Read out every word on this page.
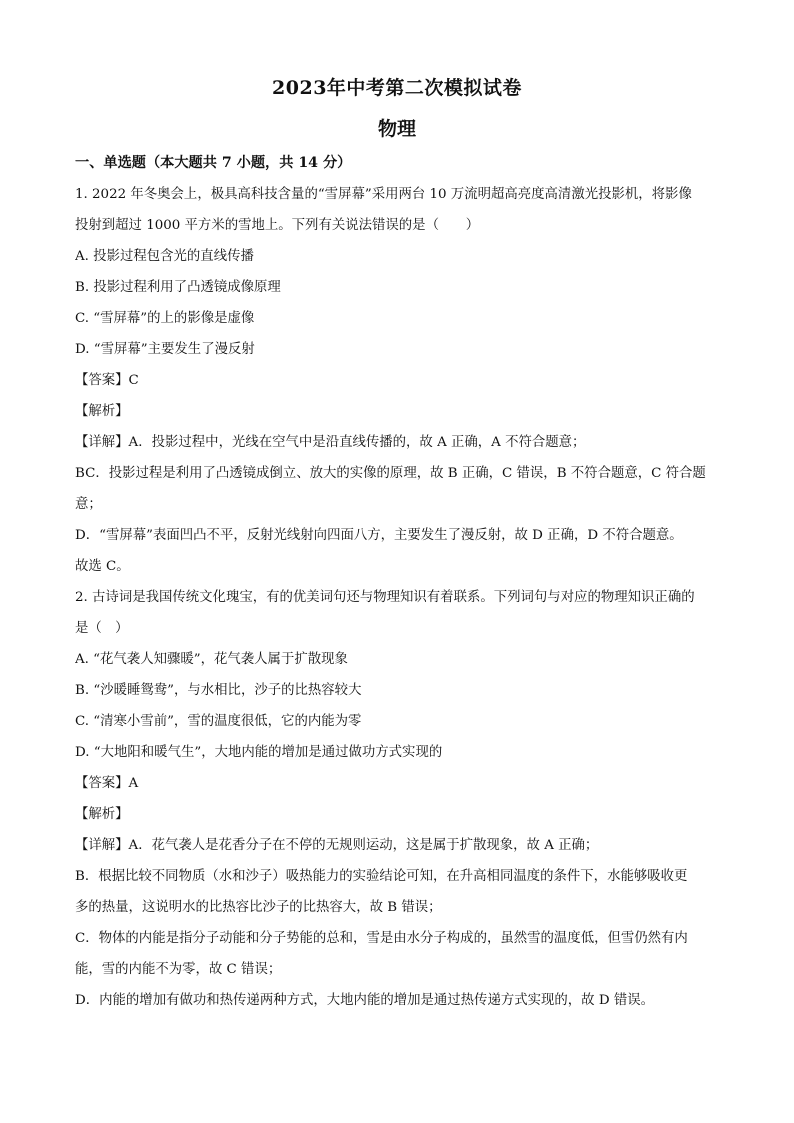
2023年中考第二次模拟试卷
物理

一、单选题（本大题共 7 小题，共 14 分）

1. 2022 年冬奥会上，极具高科技含量的“雪屏幕”采用两台 10 万流明超高亮度高清激光投影机，将影像

投射到超过 1000 平方米的雪地上。下列有关说法错误的是（　　）

A. 投影过程包含光的直线传播

B. 投影过程利用了凸透镜成像原理

C. “雪屏幕”的上的影像是虚像

D. “雪屏幕”主要发生了漫反射

【答案】C

【解析】

【详解】A．投影过程中，光线在空气中是沿直线传播的，故 A 正确，A 不符合题意；

BC．投影过程是利用了凸透镜成倒立、放大的实像的原理，故 B 正确，C 错误，B 不符合题意，C 符合题

意；

D．“雪屏幕”表面凹凸不平，反射光线射向四面八方，主要发生了漫反射，故 D 正确，D 不符合题意。

故选 C。

2. 古诗词是我国传统文化瑰宝，有的优美词句还与物理知识有着联系。下列词句与对应的物理知识正确的

是（　）

A. “花气袭人知骤暖”，花气袭人属于扩散现象

B. “沙暖睡鸳鸯”，与水相比，沙子的比热容较大

C. “清寒小雪前”，雪的温度很低，它的内能为零

D. “大地阳和暖气生”，大地内能的增加是通过做功方式实现的

【答案】A

【解析】

【详解】A．花气袭人是花香分子在不停的无规则运动，这是属于扩散现象，故 A 正确；

B．根据比较不同物质（水和沙子）吸热能力的实验结论可知，在升高相同温度的条件下，水能够吸收更

多的热量，这说明水的比热容比沙子的比热容大，故 B 错误；

C．物体的内能是指分子动能和分子势能的总和，雪是由水分子构成的，虽然雪的温度低，但雪仍然有内

能，雪的内能不为零，故 C 错误；

D．内能的增加有做功和热传递两种方式，大地内能的增加是通过热传递方式实现的，故 D 错误。
